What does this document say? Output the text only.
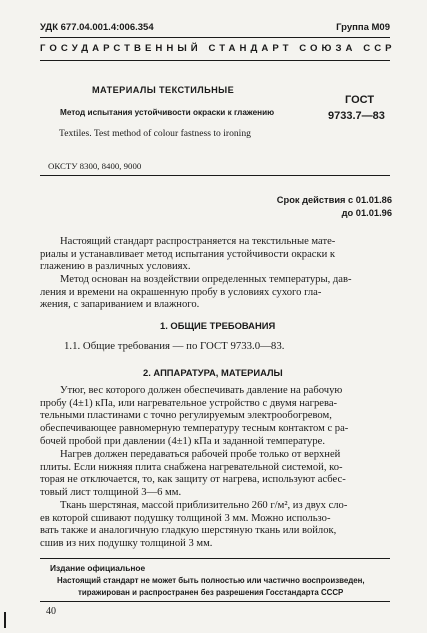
УДК 677.04.001.4:006.354	Группа М09
ГОСУДАРСТВЕННЫЙ СТАНДАРТ СОЮЗА ССР
МАТЕРИАЛЫ ТЕКСТИЛЬНЫЕ
Метод испытания устойчивости окраски к глажению
Textiles. Test method of colour fastness to ironing
ГОСТ
9733.7—83
ОКСТУ 8300, 8400, 9000
Срок действия с 01.01.86
до 01.01.96
Настоящий стандарт распространяется на текстильные мате-
риалы и устанавливает метод испытания устойчивости окраски к
глажению в различных условиях.
Метод основан на воздействии определенных температуры, дав-
ления и времени на окрашенную пробу в условиях сухого гла-
жения, с запариванием и влажного.
1. ОБЩИЕ ТРЕБОВАНИЯ
1.1. Общие требования — по ГОСТ 9733.0—83.
2. АППАРАТУРА, МАТЕРИАЛЫ
Утюг, вес которого должен обеспечивать давление на рабочую
пробу (4±1) кПа, или нагревательное устройство с двумя нагрева-
тельными пластинами с точно регулируемым электрообогревом,
обеспечивающее равномерную температуру тесным контактом с ра-
бочей пробой при давлении (4±1) кПа и заданной температуре.
Нагрев должен передаваться рабочей пробе только от верхней
плиты. Если нижняя плита снабжена нагревательной системой, ко-
торая не отключается, то, как защиту от нагрева, используют асбес-
товый лист толщиной 3—6 мм.
Ткань шерстяная, массой приблизительно 260 г/м², из двух сло-
ев которой сшивают подушку толщиной 3 мм. Можно использо-
вать также и аналогичную гладкую шерстяную ткань или войлок,
сшив из них подушку толщиной 3 мм.
Издание официальное
Настоящий стандарт не может быть полностью или частично воспроизведен,
тиражирован и распространен без разрешения Госстандарта СССР
40
